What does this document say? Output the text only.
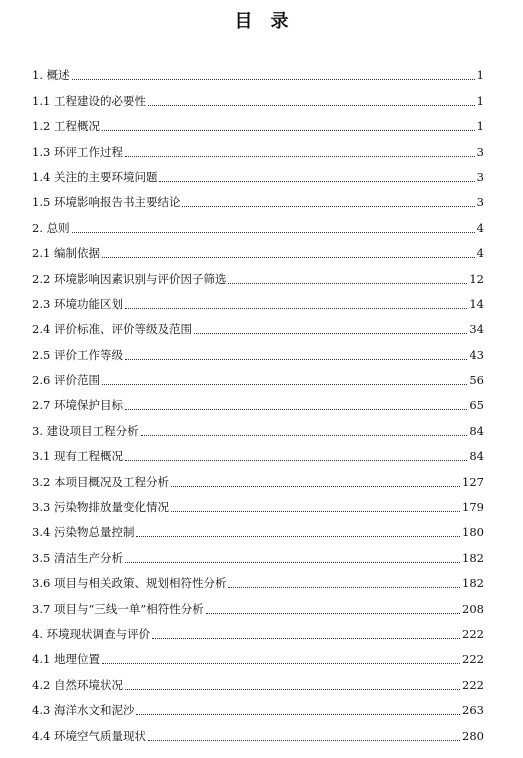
目　录
1. 概述	1
1.1 工程建设的必要性	1
1.2 工程概况	1
1.3 环评工作过程	3
1.4 关注的主要环境问题	3
1.5 环境影响报告书主要结论	3
2. 总则	4
2.1 编制依据	4
2.2 环境影响因素识别与评价因子筛选	12
2.3 环境功能区划	14
2.4 评价标准、评价等级及范围	34
2.5 评价工作等级	43
2.6 评价范围	56
2.7 环境保护目标	65
3. 建设项目工程分析	84
3.1 现有工程概况	84
3.2 本项目概况及工程分析	127
3.3 污染物排放量变化情况	179
3.4 污染物总量控制	180
3.5 清洁生产分析	182
3.6 项目与相关政策、规划相符性分析	182
3.7 项目与“三线一单”相符性分析	208
4. 环境现状调查与评价	222
4.1 地理位置	222
4.2 自然环境状况	222
4.3 海洋水文和泥沙	263
4.4 环境空气质量现状	280
